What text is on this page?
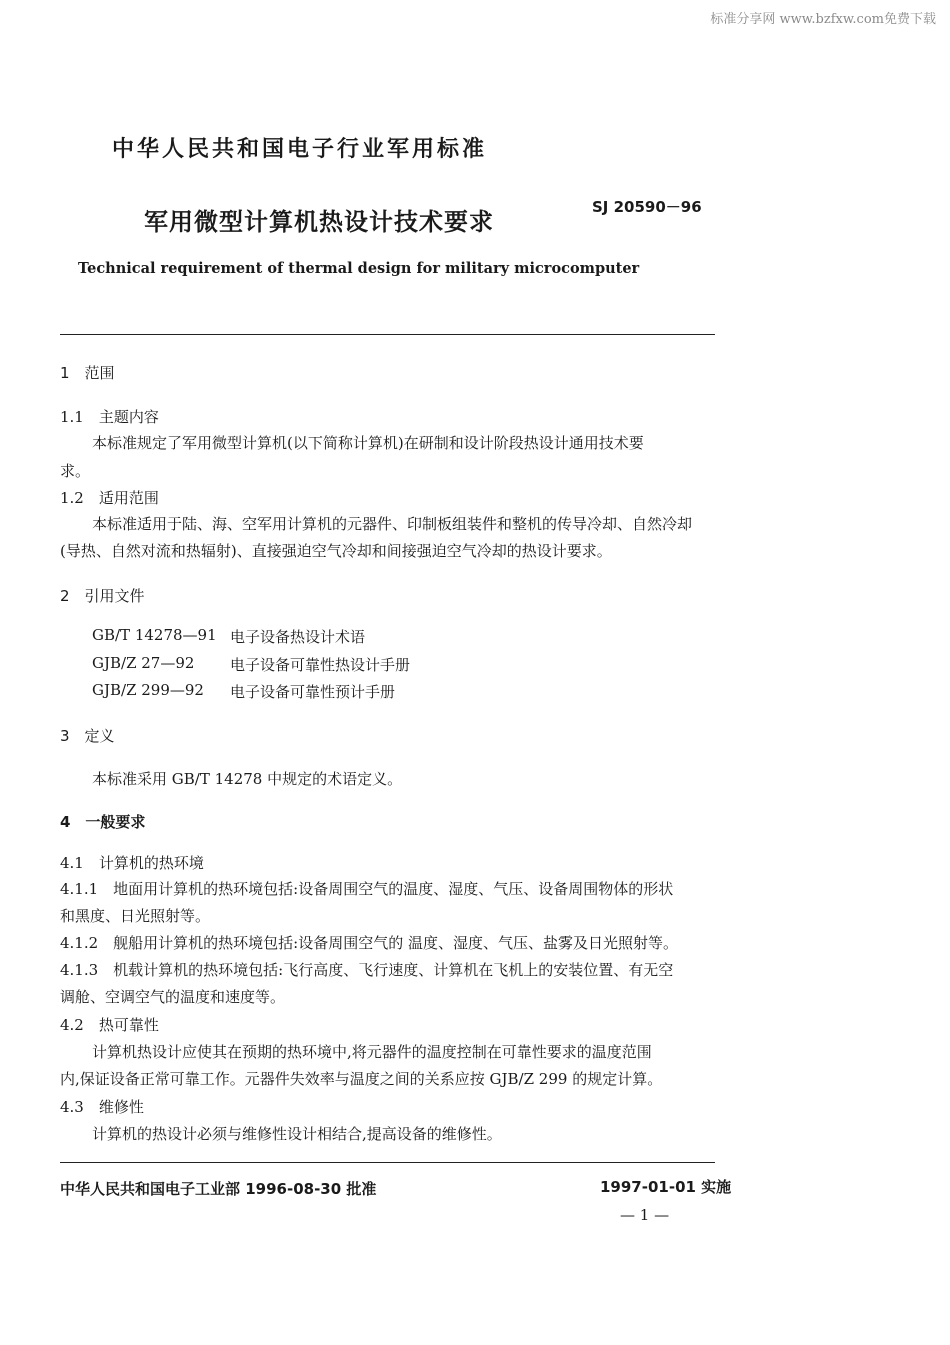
标准分享网 www.bzfxw.com免费下载
中华人民共和国电子行业军用标准
军用微型计算机热设计技术要求
SJ 20590－96
Technical requirement of thermal design for military microcomputer
1　范围
1.1　主题内容
本标准规定了军用微型计算机(以下简称计算机)在研制和设计阶段热设计通用技术要
求。
1.2　适用范围
本标准适用于陆、海、空军用计算机的元器件、印制板组装件和整机的传导冷却、自然冷却
(导热、自然对流和热辐射)、直接强迫空气冷却和间接强迫空气冷却的热设计要求。
2　引用文件
GB/T 14278—91 电子设备热设计术语
GJB/Z 27—92 电子设备可靠性热设计手册
GJB/Z 299—92 电子设备可靠性预计手册
3　定义
本标准采用 GB/T 14278 中规定的术语定义。
4　一般要求
4.1　计算机的热环境
4.1.1　地面用计算机的热环境包括:设备周围空气的温度、湿度、气压、设备周围物体的形状
和黑度、日光照射等。
4.1.2　舰船用计算机的热环境包括:设备周围空气的 温度、湿度、气压、盐雾及日光照射等。
4.1.3　机载计算机的热环境包括:飞行高度、飞行速度、计算机在飞机上的安装位置、有无空
调舱、空调空气的温度和速度等。
4.2　热可靠性
计算机热设计应使其在预期的热环境中,将元器件的温度控制在可靠性要求的温度范围
内,保证设备正常可靠工作。元器件失效率与温度之间的关系应按 GJB/Z 299 的规定计算。
4.3　维修性
计算机的热设计必须与维修性设计相结合,提高设备的维修性。
中华人民共和国电子工业部 1996-08-30 批准	1997-01-01 实施
— 1 —
